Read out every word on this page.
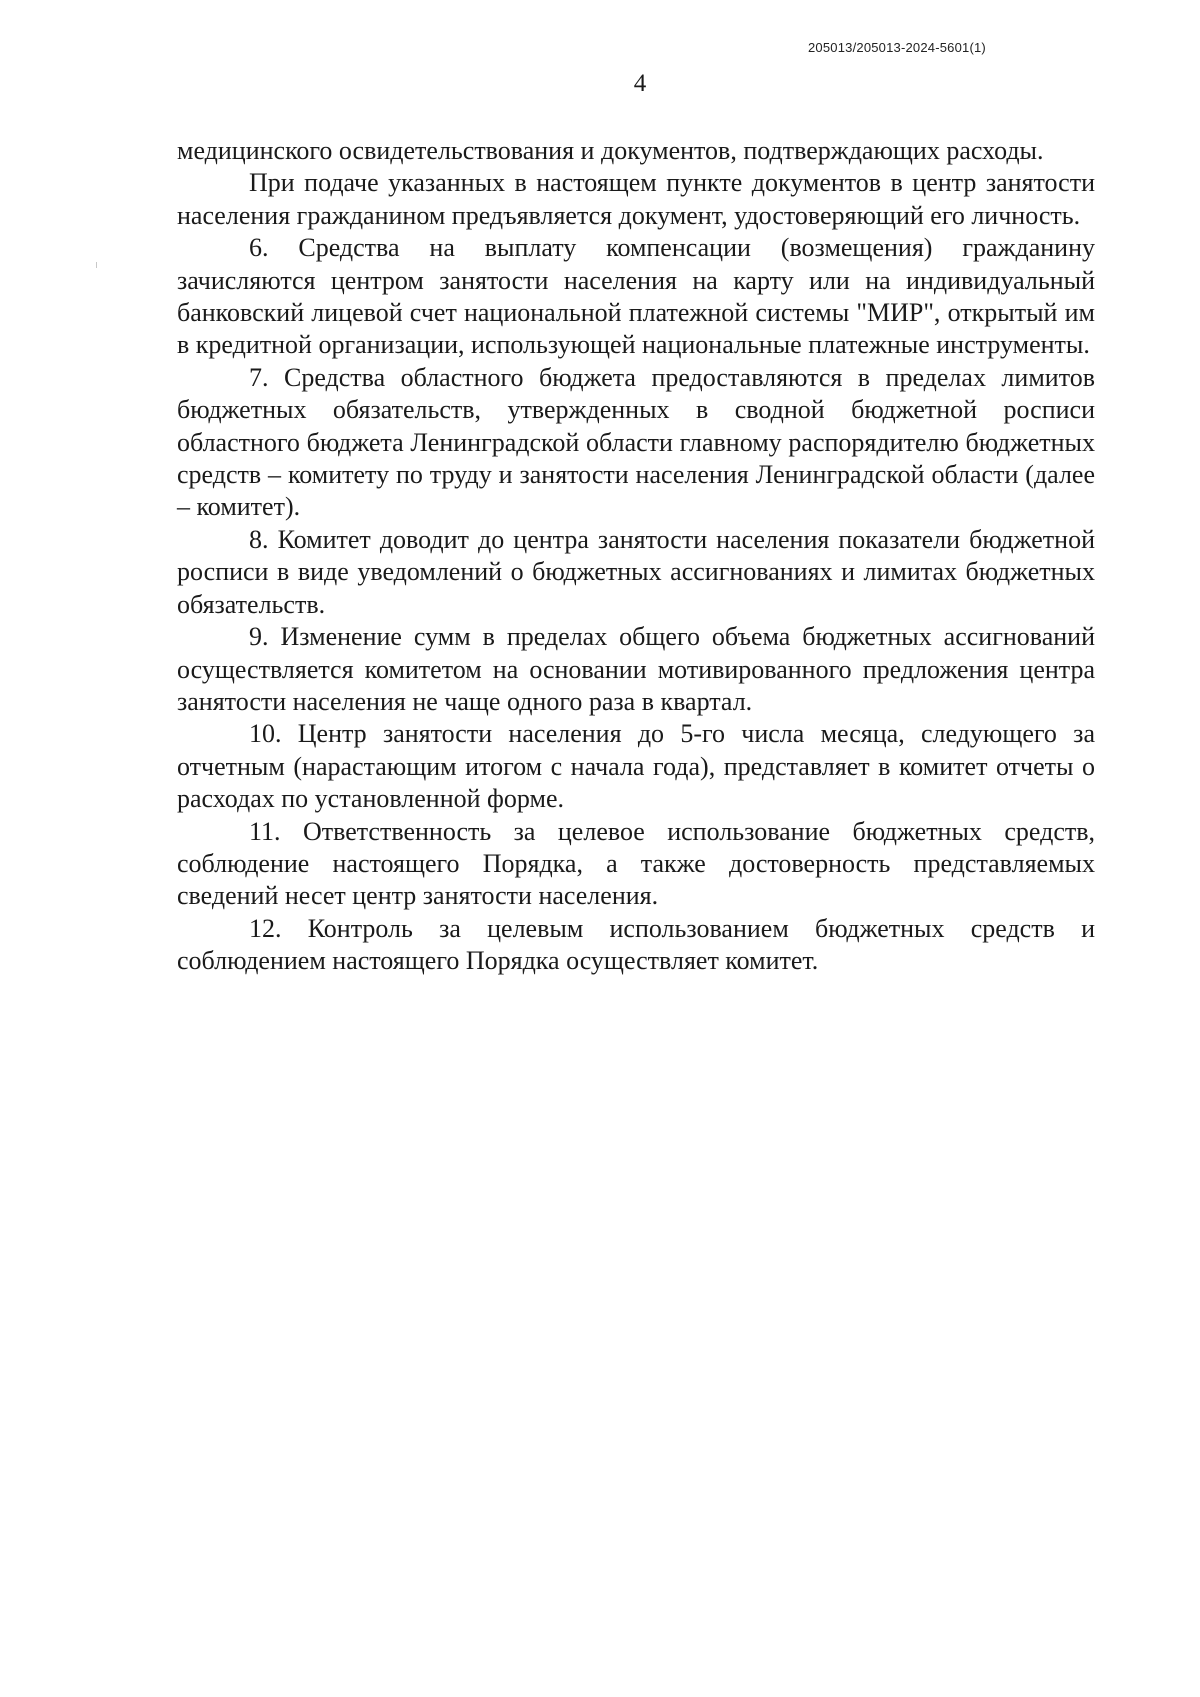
205013/205013-2024-5601(1)
4

медицинского освидетельствования и документов, подтверждающих расходы.

При подаче указанных в настоящем пункте документов в центр занятости населения гражданином предъявляется документ, удостоверяющий его личность.

6. Средства на выплату компенсации (возмещения) гражданину зачисляются центром занятости населения на карту или на индивидуальный банковский лицевой счет национальной платежной системы "МИР", открытый им в кредитной организации, использующей национальные платежные инструменты.

7. Средства областного бюджета предоставляются в пределах лимитов бюджетных обязательств, утвержденных в сводной бюджетной росписи областного бюджета Ленинградской области главному распорядителю бюджетных средств – комитету по труду и занятости населения Ленинградской области (далее – комитет).

8. Комитет доводит до центра занятости населения показатели бюджетной росписи в виде уведомлений о бюджетных ассигнованиях и лимитах бюджетных обязательств.

9. Изменение сумм в пределах общего объема бюджетных ассигнований осуществляется комитетом на основании мотивированного предложения центра занятости населения не чаще одного раза в квартал.

10. Центр занятости населения до 5-го числа месяца, следующего за отчетным (нарастающим итогом с начала года), представляет в комитет отчеты о расходах по установленной форме.

11. Ответственность за целевое использование бюджетных средств, соблюдение настоящего Порядка, а также достоверность представляемых сведений несет центр занятости населения.

12. Контроль за целевым использованием бюджетных средств и соблюдением настоящего Порядка осуществляет комитет.
